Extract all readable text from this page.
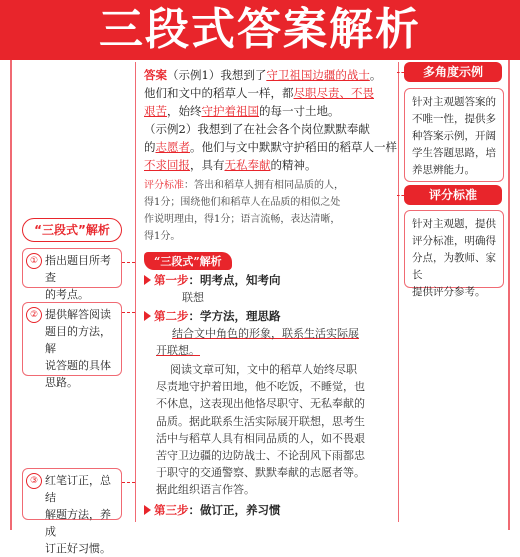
三段式答案解析
答案（示例1）我想到了守卫祖国边疆的战士。
他们和文中的稻草人一样，都尽职尽责、不畏
艰苦，始终守护着祖国的每一寸土地。
（示例2）我想到了在社会各个岗位默默奉献
的志愿者。他们与文中默默守护稻田的稻草人一样
不求回报，具有无私奉献的精神。
评分标准：答出和稻草人拥有相同品质的人，
得1分；围绕他们和稻草人在品质的相似之处
作说明理由，得1分；语言流畅，表达清晰，
得1分。
“三段式”解析
第一步：明考点，知考向
联想
第二步：学方法，理思路
结合文中角色的形象，联系生活实际展
开联想。
阅读文章可知，文中的稻草人始终尽职
尽责地守护着田地，他不吃饭，不睡觉，也
不休息，这表现出他恪尽职守、无私奉献的
品质。据此联系生活实际展开联想，思考生
活中与稻草人具有相同品质的人，如不畏艰
苦守卫边疆的边防战士、不论刮风下雨都忠
于职守的交通警察、默默奉献的志愿者等。
据此组织语言作答。
第三步：做订正，养习惯
多角度示例
针对主观题答案的
不唯一性，提供多
种答案示例，开阔
学生答题思路，培
养思辨能力。
评分标准
针对主观题，提供
评分标准，明确得
分点，为教师、家长
提供评分参考。
“三段式”解析
① 指出题目所考查
的考点。
② 提供解答阅读
题目的方法，解
说答题的具体
思路。
③ 红笔订正，总结
解题方法，养成
订正好习惯。
